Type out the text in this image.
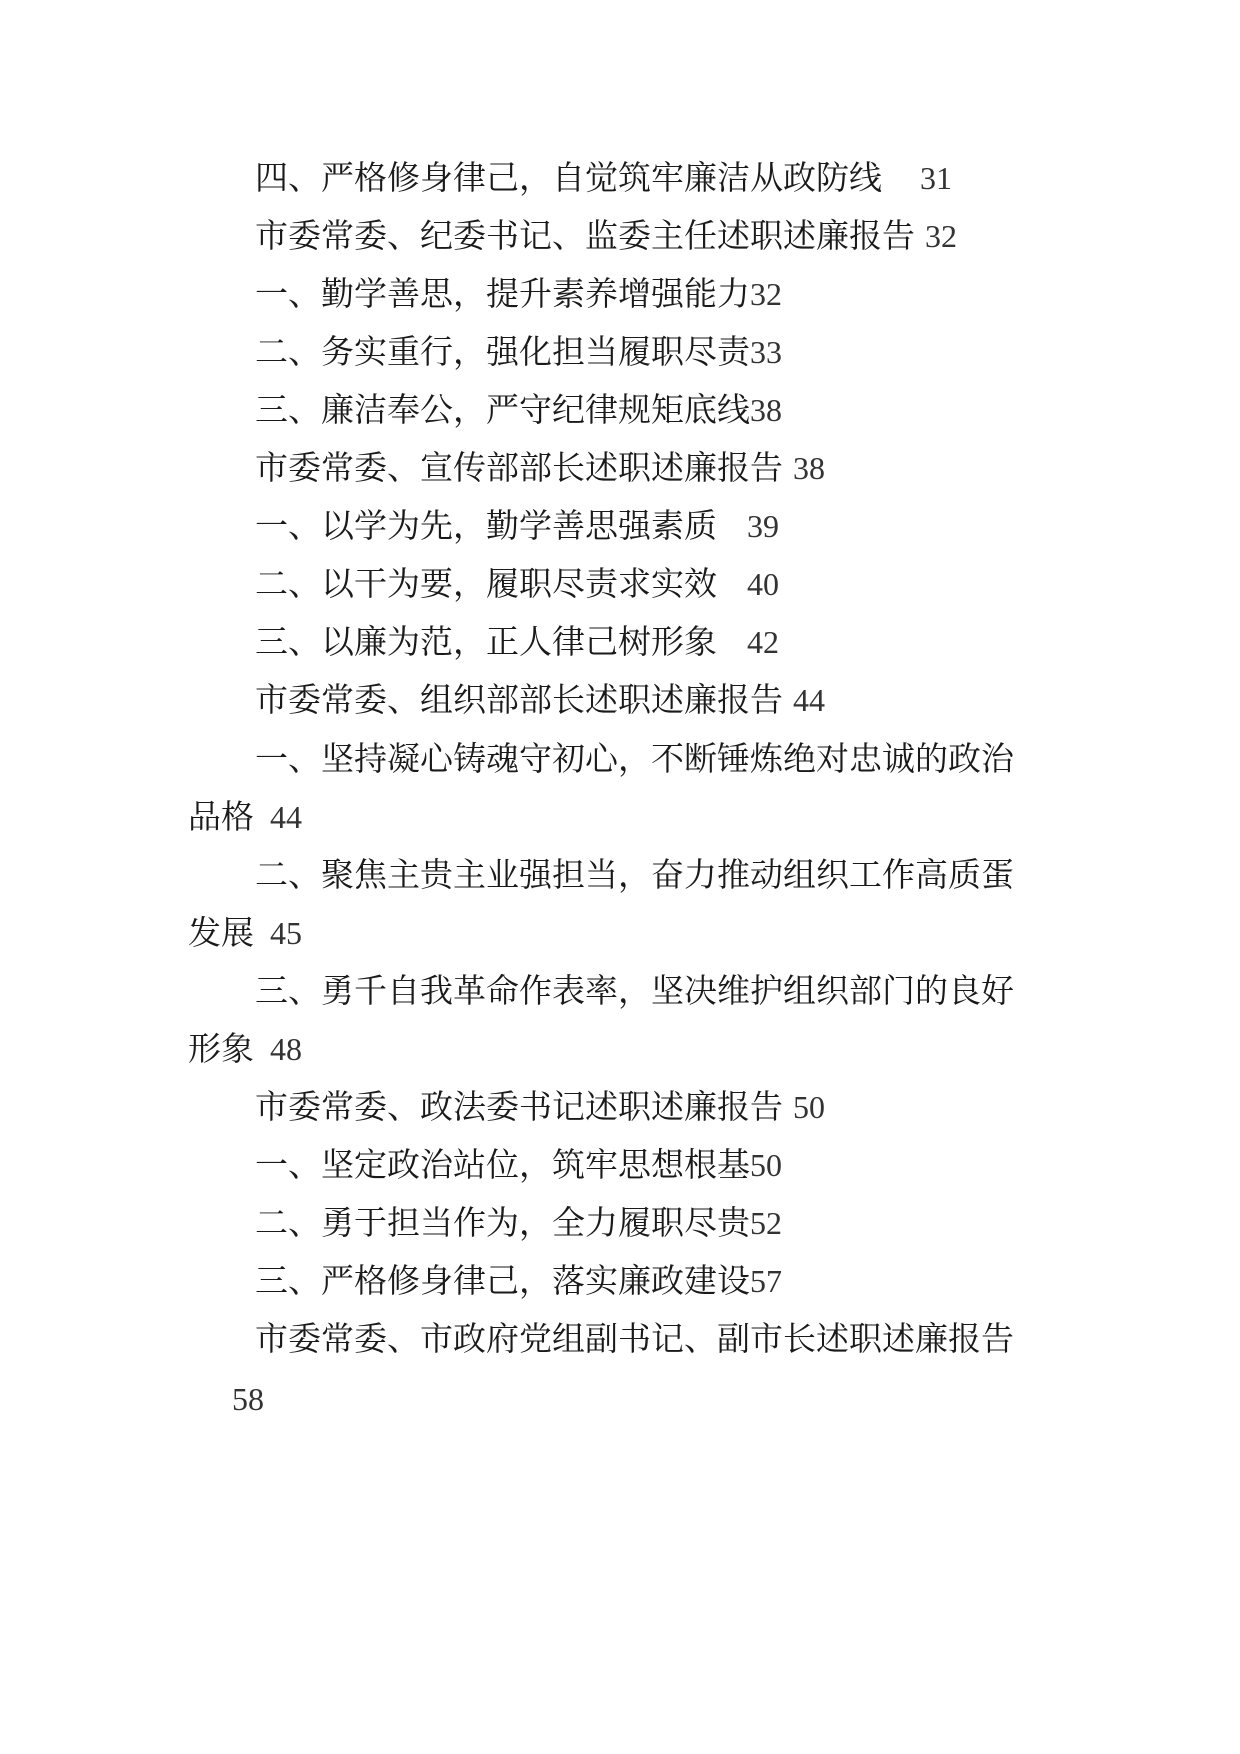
四、严格修身律己，自觉筑牢廉洁从政防线 31
市委常委、纪委书记、监委主任述职述廉报告 32
一、勤学善思，提升素养增强能力32
二、务实重行，强化担当履职尽责33
三、廉洁奉公，严守纪律规矩底线38
市委常委、宣传部部长述职述廉报告 38
一、以学为先，勤学善思强素质 39
二、以干为要，履职尽责求实效 40
三、以廉为范，正人律己树形象 42
市委常委、组织部部长述职述廉报告 44
一、坚持凝心铸魂守初心，不断锤炼绝对忠诚的政治
品格 44
二、聚焦主贵主业强担当，奋力推动组织工作高质蛋
发展 45
三、勇千自我革命作表率，坚决维护组织部门的良好
形象 48
市委常委、政法委书记述职述廉报告 50
一、坚定政治站位，筑牢思想根基50
二、勇于担当作为，全力履职尽贵52
三、严格修身律己，落实廉政建设57
市委常委、市政府党组副书记、副市长述职述廉报告
58
